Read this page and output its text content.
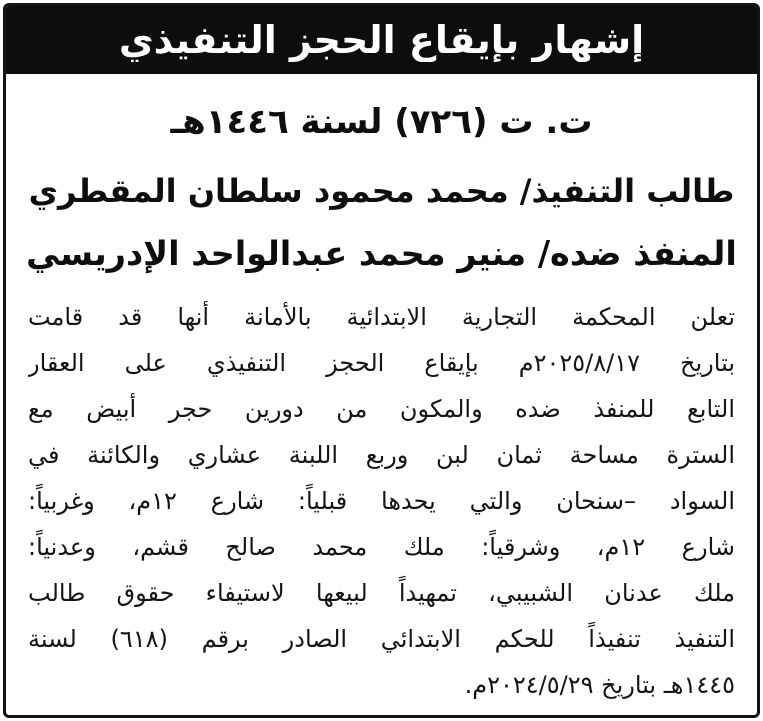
إشهار بإيقاع الحجز التنفيذي
ت. ت (٧٢٦) لسنة ١٤٤٦هـ
طالب التنفيذ/ محمد محمود سلطان المقطري
المنفذ ضده/ منير محمد عبدالواحد الإدريسي
تعلن المحكمة التجارية الابتدائية بالأمانة أنها قد قامت
بتاريخ ٢٠٢٥/٨/١٧م بإيقاع الحجز التنفيذي على العقار
التابع للمنفذ ضده والمكون من دورين حجر أبيض مع
السترة مساحة ثمان لبن وربع اللبنة عشاري والكائنة في
السواد –سنحان والتي يحدها قبلياً: شارع ١٢م، وغربياً:
شارع ١٢م، وشرقياً: ملك محمد صالح قشم، وعدنياً:
ملك عدنان الشبيبي، تمهيداً لبيعها لاستيفاء حقوق طالب
التنفيذ تنفيذاً للحكم الابتدائي الصادر برقم (٦١٨) لسنة
١٤٤٥هـ بتاريخ ٢٠٢٤/٥/٢٩م.
